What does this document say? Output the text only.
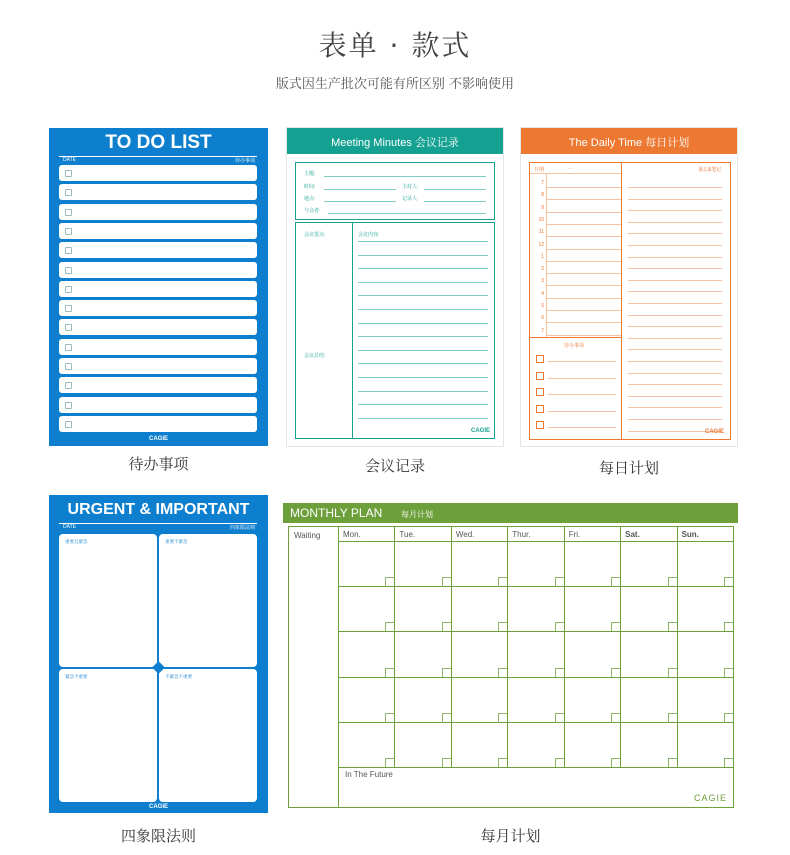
表单 · 款式
版式因生产批次可能有所区别 不影响使用
TO DO LIST
DATE	待办事项
CAGIE
待办事项
Meeting Minutes 会议记录
主题:
时间:	主持人:
地点:	记录人:
与会者:
会议要点:
会议总结:
会议内容:
CAGIE
会议记录
The Daily Time 每日计划
日期	· ·	备忘&笔记
7
8
9
10
11
12
1
2
3
4
5
6
7
待办事项
CAGIE
每日计划
URGENT & IMPORTANT
DATE	四象限法则
重要且紧急	重要不紧急
紧急不重要	不紧急不重要
CAGIE
四象限法则
MONTHLY PLAN 每月计划
Waiting	Mon.	Tue.	Wed.	Thur.	Fri.	Sat.	Sun.
In The Future
CAGIE
每月计划
